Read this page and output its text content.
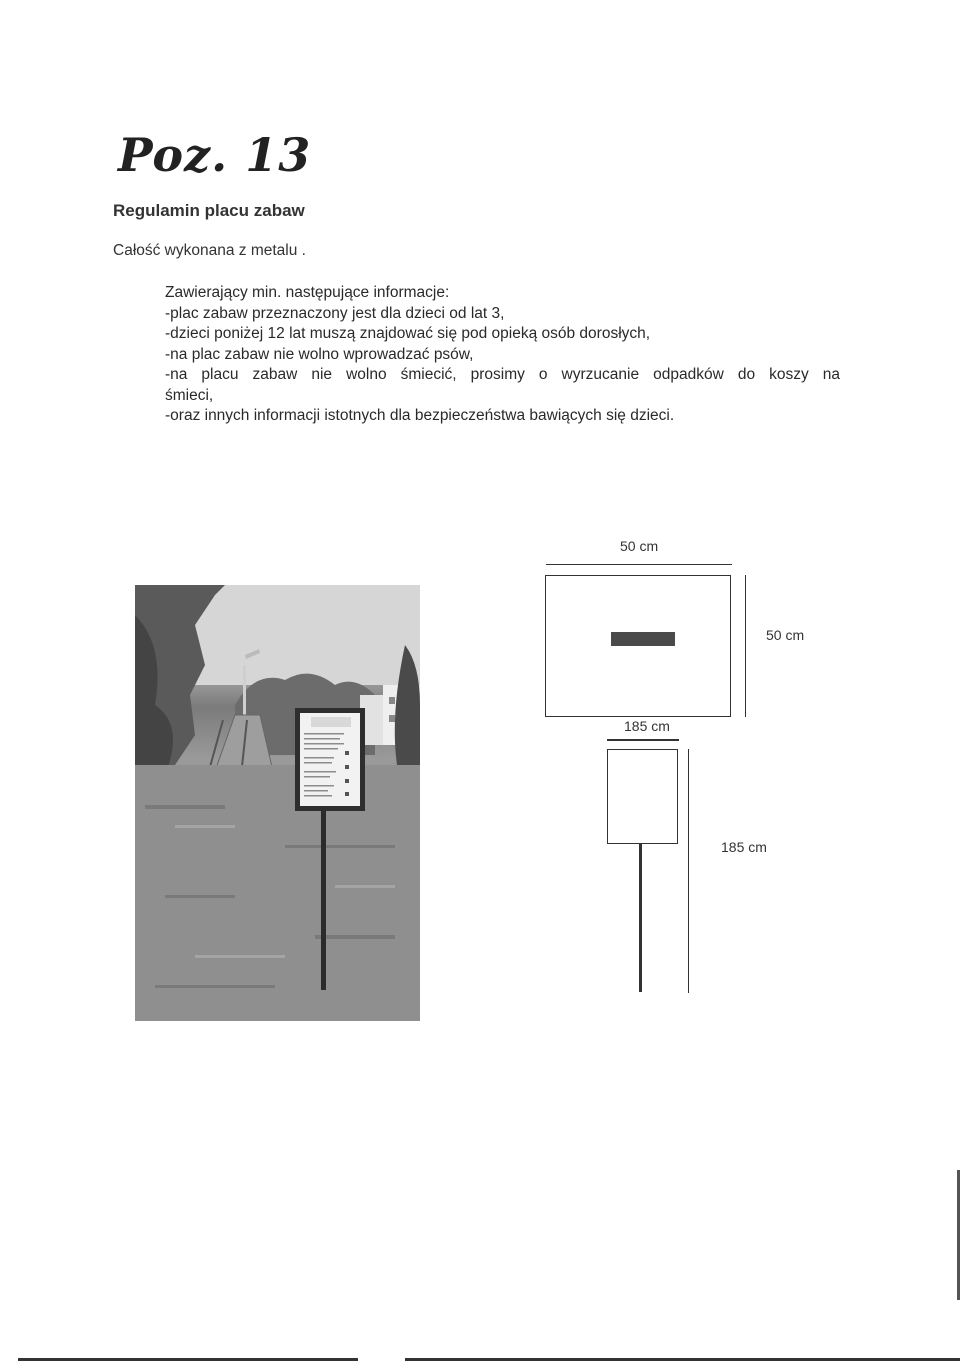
Poz. 13
Regulamin placu zabaw
Całość wykonana z metalu .
Zawierający min. następujące informacje:
-plac zabaw przeznaczony jest dla dzieci od lat 3,
-dzieci poniżej 12 lat muszą znajdować się pod opieką osób dorosłych,
-na plac zabaw nie wolno wprowadzać psów,
-na placu zabaw nie wolno śmiecić, prosimy o wyrzucanie odpadków do koszy na
śmieci,
-oraz innych informacji istotnych dla bezpieczeństwa bawiących się dzieci.
50 cm
50 cm
185 cm
185 cm
